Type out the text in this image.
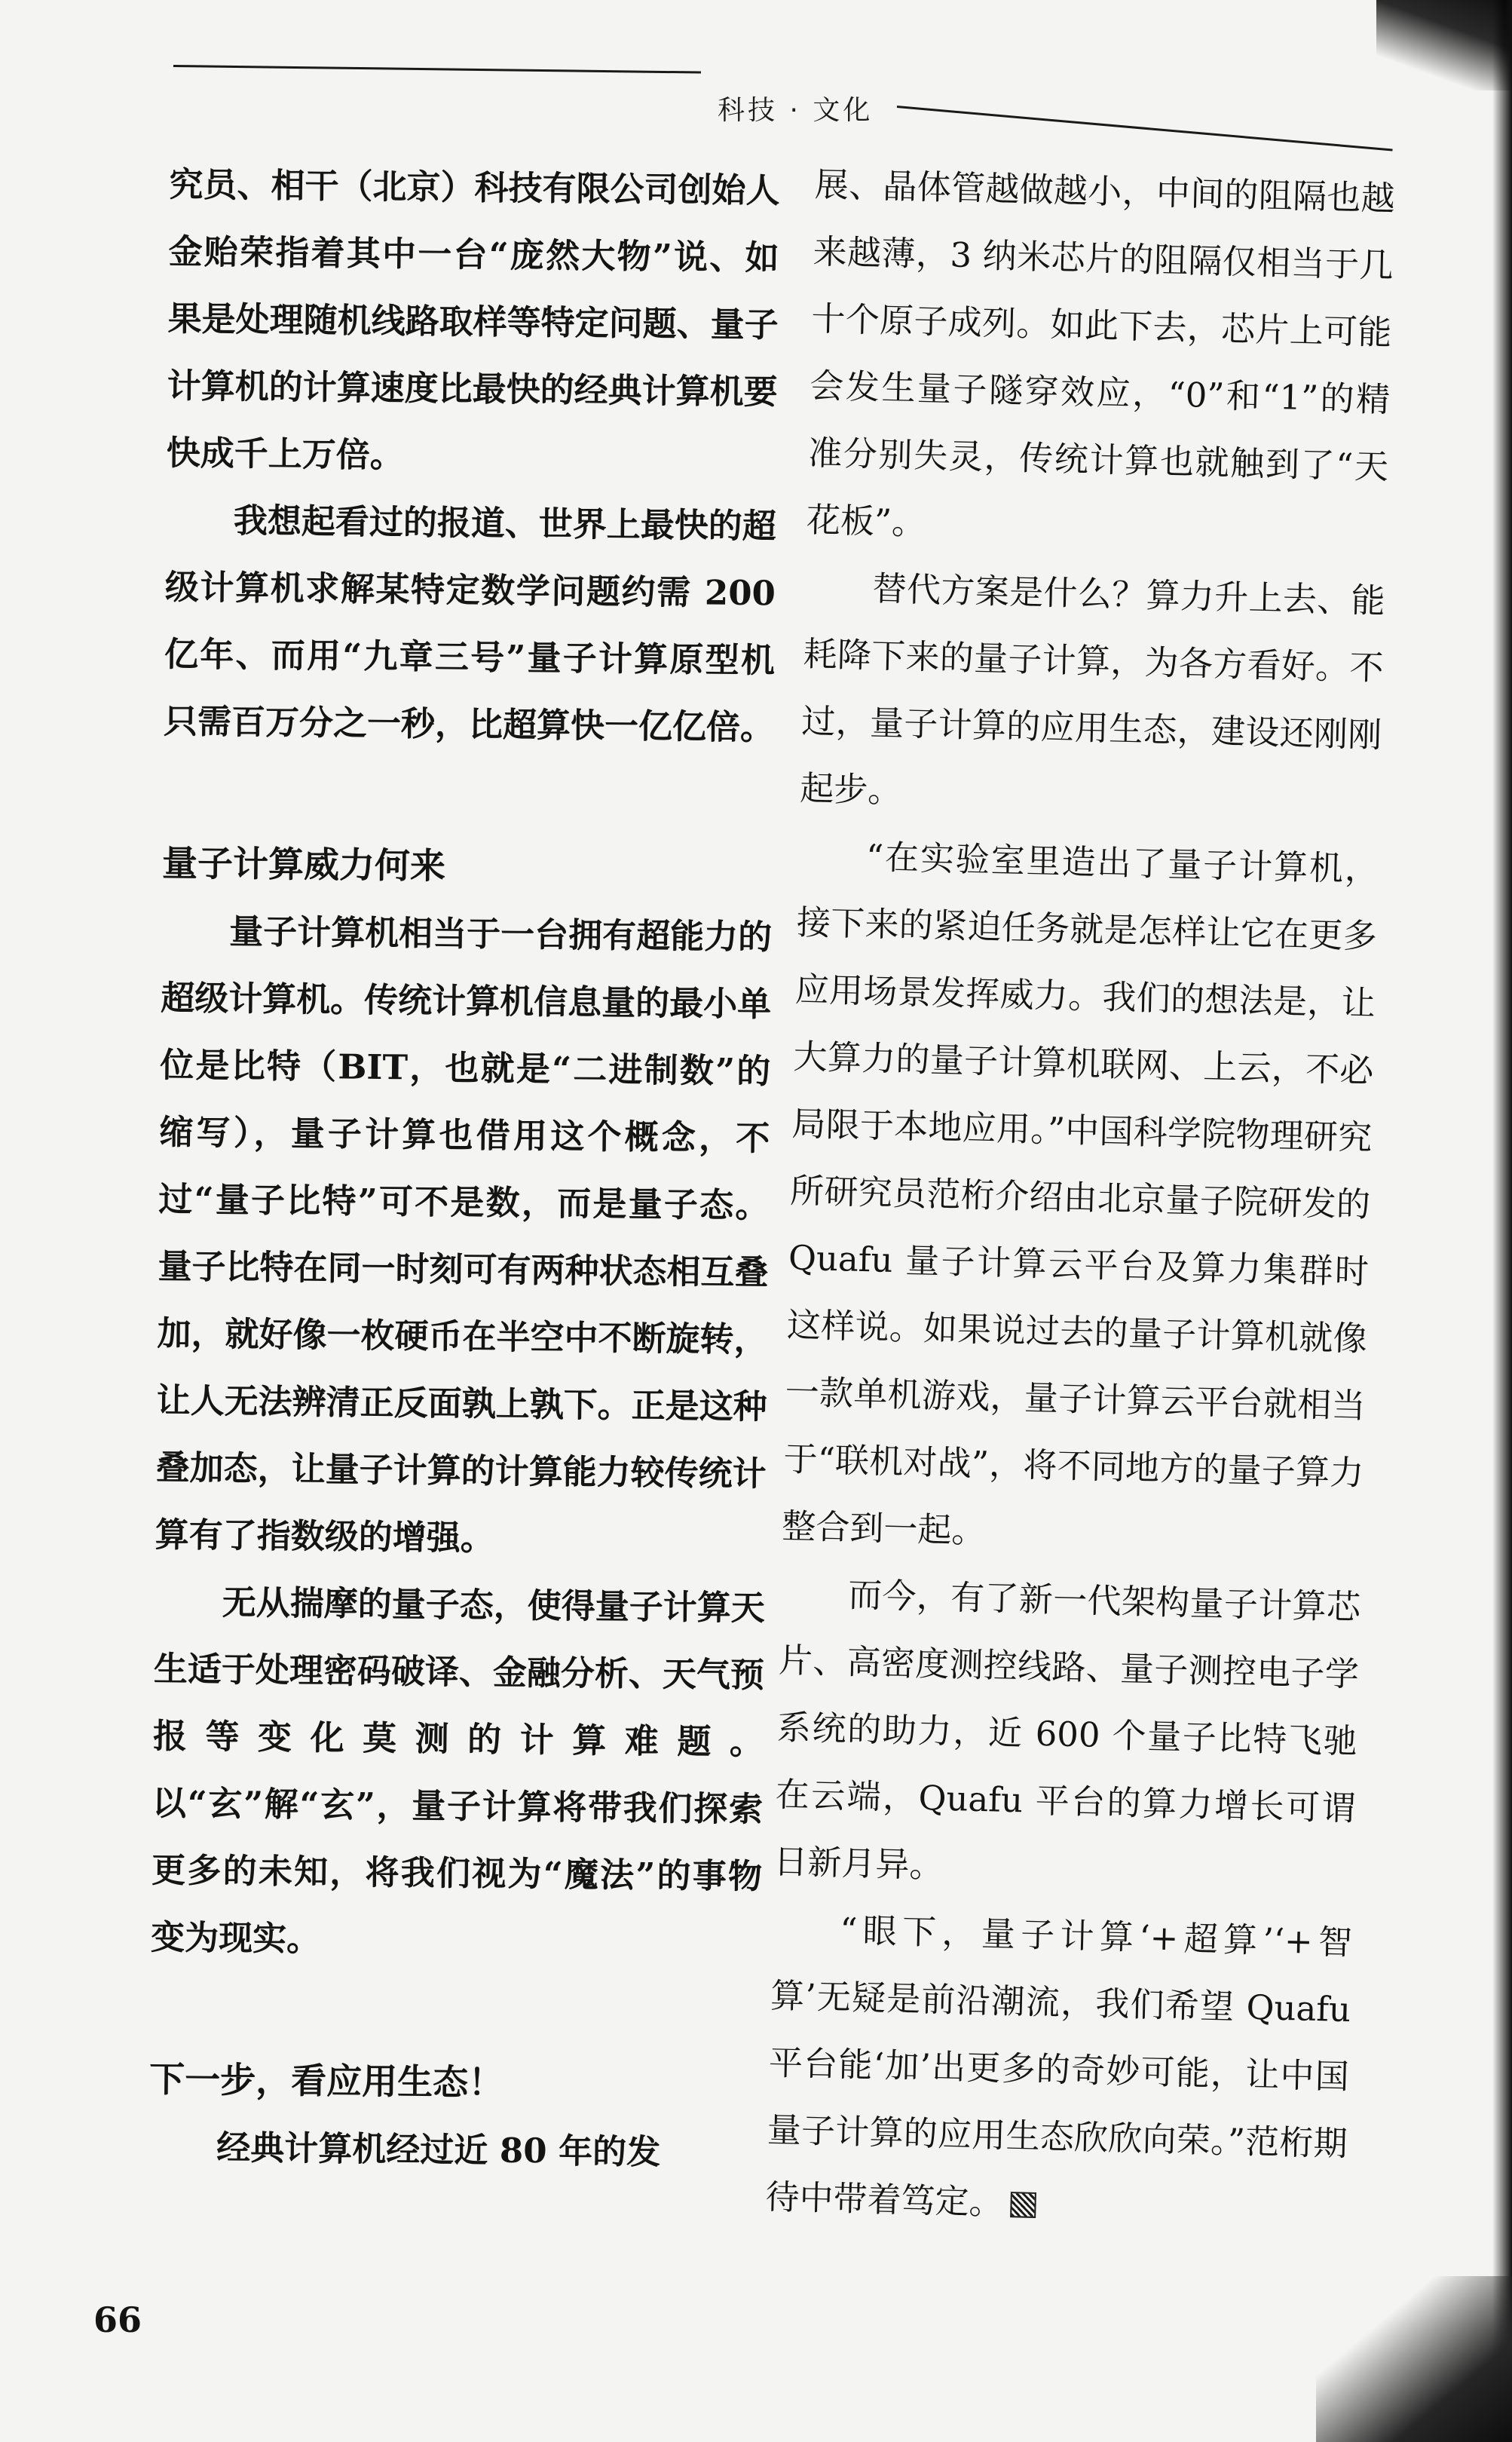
科技 · 文化

究员、相干（北京）科技有限公司创始人金贻荣指着其中一台“庞然大物”说、如果是处理随机线路取样等特定问题、量子计算机的计算速度比最快的经典计算机要快成千上万倍。

我想起看过的报道、世界上最快的超级计算机求解某特定数学问题约需 200 亿年、而用“九章三号”量子计算原型机只需百万分之一秒，比超算快一亿亿倍。

量子计算威力何来

量子计算机相当于一台拥有超能力的超级计算机。传统计算机信息量的最小单位是比特（BIT，也就是“二进制数”的缩写），量子计算也借用这个概念，不过“量子比特”可不是数，而是量子态。量子比特在同一时刻可有两种状态相互叠加，就好像一枚硬币在半空中不断旋转，让人无法辨清正反面孰上孰下。正是这种叠加态，让量子计算的计算能力较传统计算有了指数级的增强。

无从揣摩的量子态，使得量子计算天生适于处理密码破译、金融分析、天气预报等变化莫测的计算难题。以“玄”解“玄”，量子计算将带我们探索更多的未知，将我们视为“魔法”的事物变为现实。

下一步，看应用生态！

经典计算机经过近 80 年的发

展、晶体管越做越小，中间的阻隔也越来越薄，3 纳米芯片的阻隔仅相当于几十个原子成列。如此下去，芯片上可能会发生量子隧穿效应，“0”和“1”的精准分别失灵，传统计算也就触到了“天花板”。

替代方案是什么？算力升上去、能耗降下来的量子计算，为各方看好。不过，量子计算的应用生态，建设还刚刚起步。

“在实验室里造出了量子计算机，接下来的紧迫任务就是怎样让它在更多应用场景发挥威力。我们的想法是，让大算力的量子计算机联网、上云，不必局限于本地应用。”中国科学院物理研究所研究员范桁介绍由北京量子院研发的 Quafu 量子计算云平台及算力集群时这样说。如果说过去的量子计算机就像一款单机游戏，量子计算云平台就相当于“联机对战”，将不同地方的量子算力整合到一起。

而今，有了新一代架构量子计算芯片、高密度测控线路、量子测控电子学系统的助力，近 600 个量子比特飞驰在云端，Quafu 平台的算力增长可谓日新月异。

“眼下，量子计算‘+超算’‘+智算’无疑是前沿潮流，我们希望 Quafu 平台能‘加’出更多的奇妙可能，让中国量子计算的应用生态欣欣向荣。”范桁期待中带着笃定。

66
